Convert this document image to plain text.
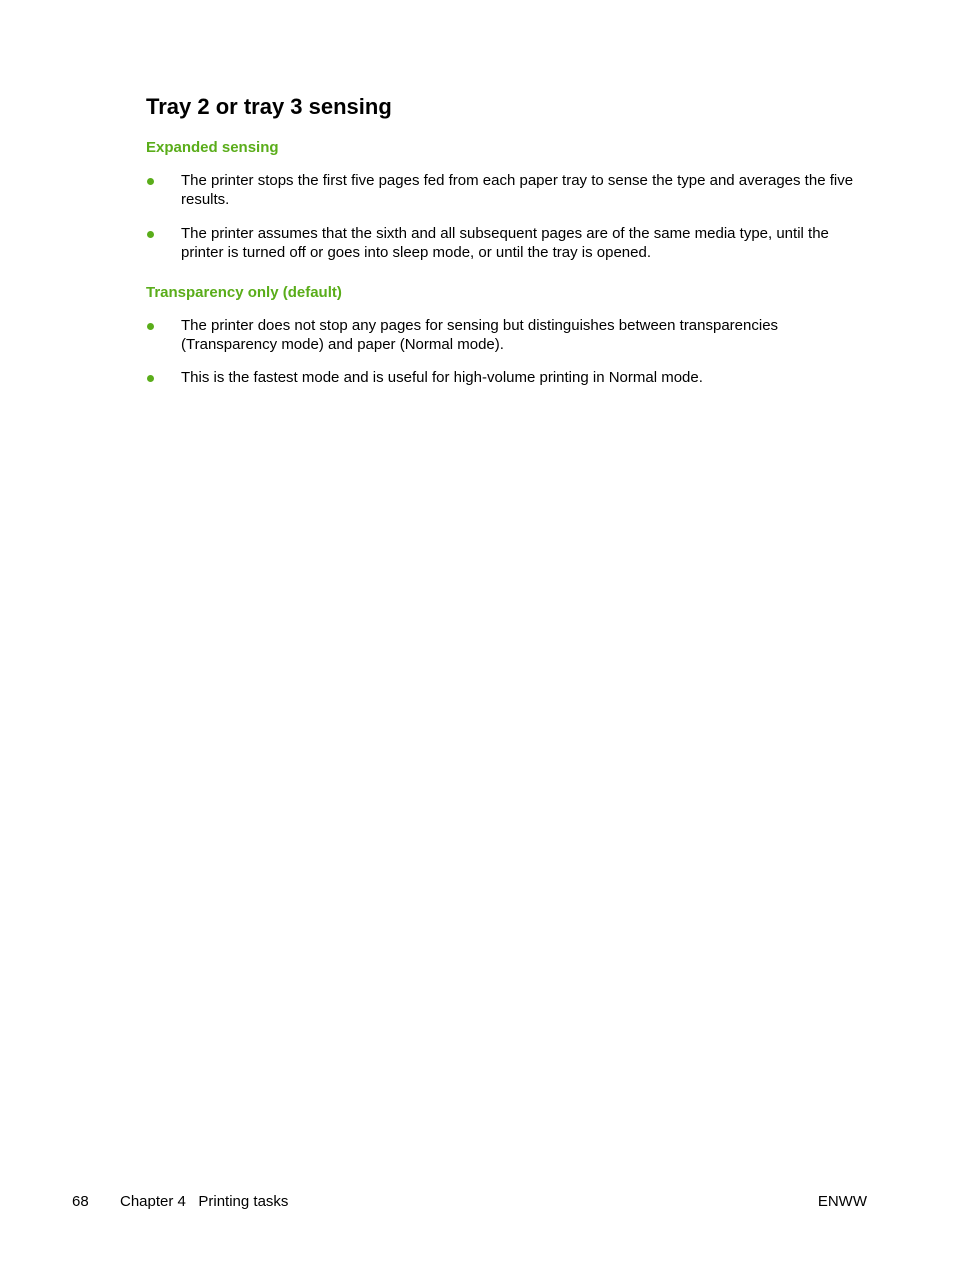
Tray 2 or tray 3 sensing
Expanded sensing
The printer stops the first five pages fed from each paper tray to sense the type and averages the five results.
The printer assumes that the sixth and all subsequent pages are of the same media type, until the printer is turned off or goes into sleep mode, or until the tray is opened.
Transparency only (default)
The printer does not stop any pages for sensing but distinguishes between transparencies (Transparency mode) and paper (Normal mode).
This is the fastest mode and is useful for high-volume printing in Normal mode.
68 Chapter 4   Printing tasks	ENWW
